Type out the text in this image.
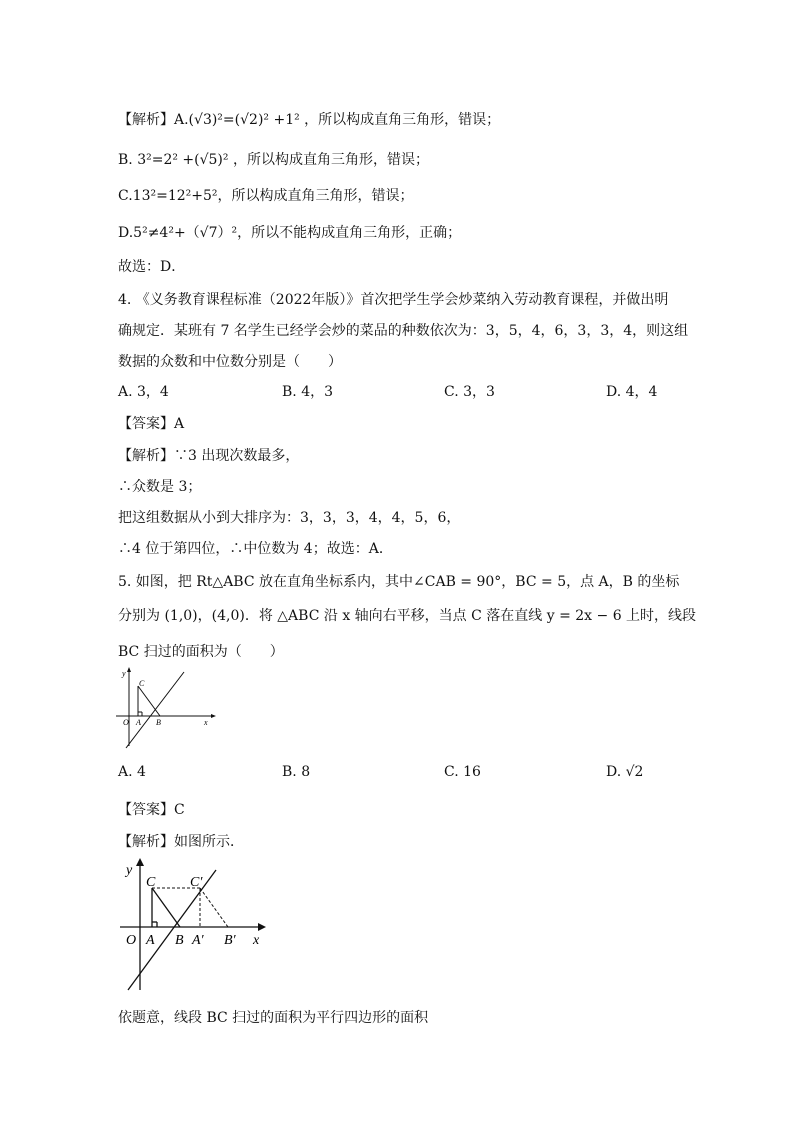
【解析】A.(√3)²=(√2)² +1² ，所以构成直角三角形，错误；
B. 3²=2² +(√5)² ，所以构成直角三角形，错误；
C.13²=12²+5²，所以构成直角三角形，错误；
D.5²≠4²+（√7）²，所以不能构成直角三角形，正确；
故选：D．
4. 《义务教育课程标准（2022年版）》首次把学生学会炒菜纳入劳动教育课程，并做出明
确规定．某班有 7 名学生已经学会炒的菜品的种数依次为：3，5，4，6，3，3，4，则这组
数据的众数和中位数分别是（　　）
A. 3，4	B. 4，3	C. 3，3	D. 4，4
【答案】A
【解析】∵3 出现次数最多，
∴众数是 3；
把这组数据从小到大排序为：3，3，3，4，4，5，6，
∴4 位于第四位，∴中位数为 4；故选：A．
5. 如图，把 Rt△ABC 放在直角坐标系内，其中∠CAB = 90°，BC = 5，点 A，B 的坐标
分别为 (1,0)，(4,0)．将 △ABC 沿 x 轴向右平移，当点 C 落在直线 y = 2x − 6 上时，线段
BC 扫过的面积为（　　）
y
x
O A B
C
A. 4	B. 8	C. 16	D. √2
【答案】C
【解析】如图所示．
y
x
O A B A′ B′
C C′
依题意，线段 BC 扫过的面积为平行四边形的面积
